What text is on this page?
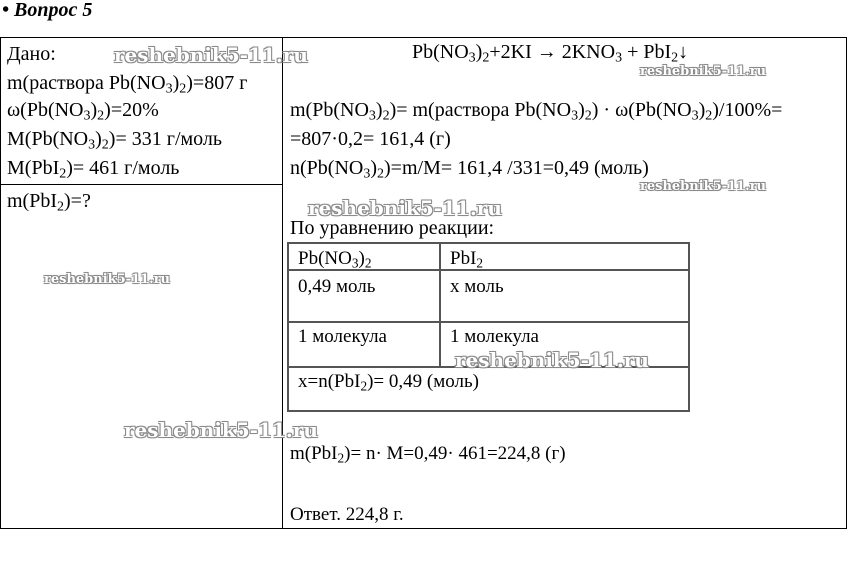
• Вопрос 5
Дано:
m(раствора $Pb(NO_3)_2)=807$ г
$\omega(Pb(NO_3)_2)=20\%$
$M(Pb(NO_3)_2)= 331$ г/моль
M(PbI$_2$)= 461 г/моль
m(PbI$_2$)=?
$Pb(NO_3)_2+2KI \to 2KNO_3$ + PbI$_2$↓
$m(Pb(NO_3)_2)=$ m(раствора $Pb(NO_3)_2) \cdot \omega(Pb(NO_3)_2)/100\%=$
=807·0,2= 161,4 (г)
$n(Pb(NO_3)_2)=m/M= 161,4$ /331=0,49 (моль)
По уравнению реакции:
$Pb(NO_3)_2$	PbI$_2$
0,49 моль	x моль
1 молекула	1 молекула
x=n(PbI$_2$)= 0,49 (моль)
m(PbI$_2$)= n· M=0,49· 461=224,8 (г)
Ответ. 224,8 г.
reshebnik5-11.ru
reshebnik5-11.ru
reshebnik5-11.ru
reshebnik5-11.ru
reshebnik5-11.ru
reshebnik5-11.ru
reshebnik5-11.ru
